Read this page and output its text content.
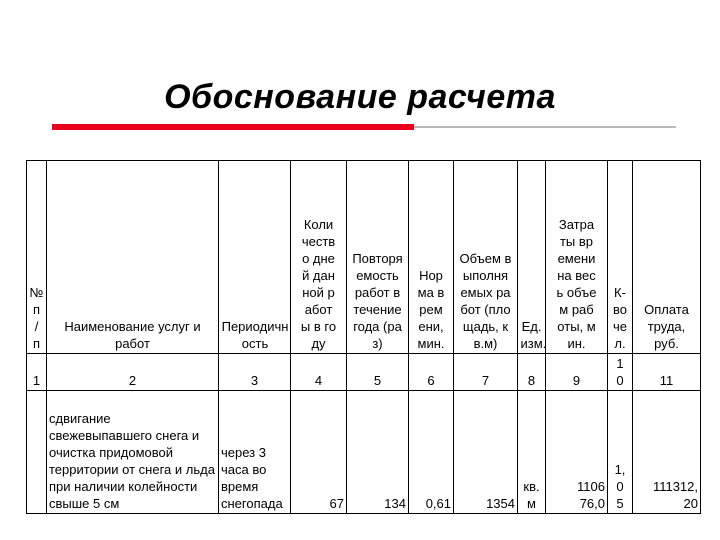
Обоснование расчета
№ п / п	Наименование услуг и работ	Периодичность	Количество дней данной работы в году	Повторяемость работ в течение года (раз)	Норма времени, мин.	Объем выполняемых работ (площадь, кв.м)	Ед. изм.	Затраты времени на весь объем работы, мин.	К-во чел.	Оплата труда, руб.
1	2	3	4	5	6	7	8	9	10	11
	сдвигание свежевыпавшего снега и очистка придомовой территории от снега и льда при наличии колейности свыше 5 см	через 3 часа во время снегопада	67	134	0,61	1354	кв. м	1106 76,0	1, 0 5	111312, 20
